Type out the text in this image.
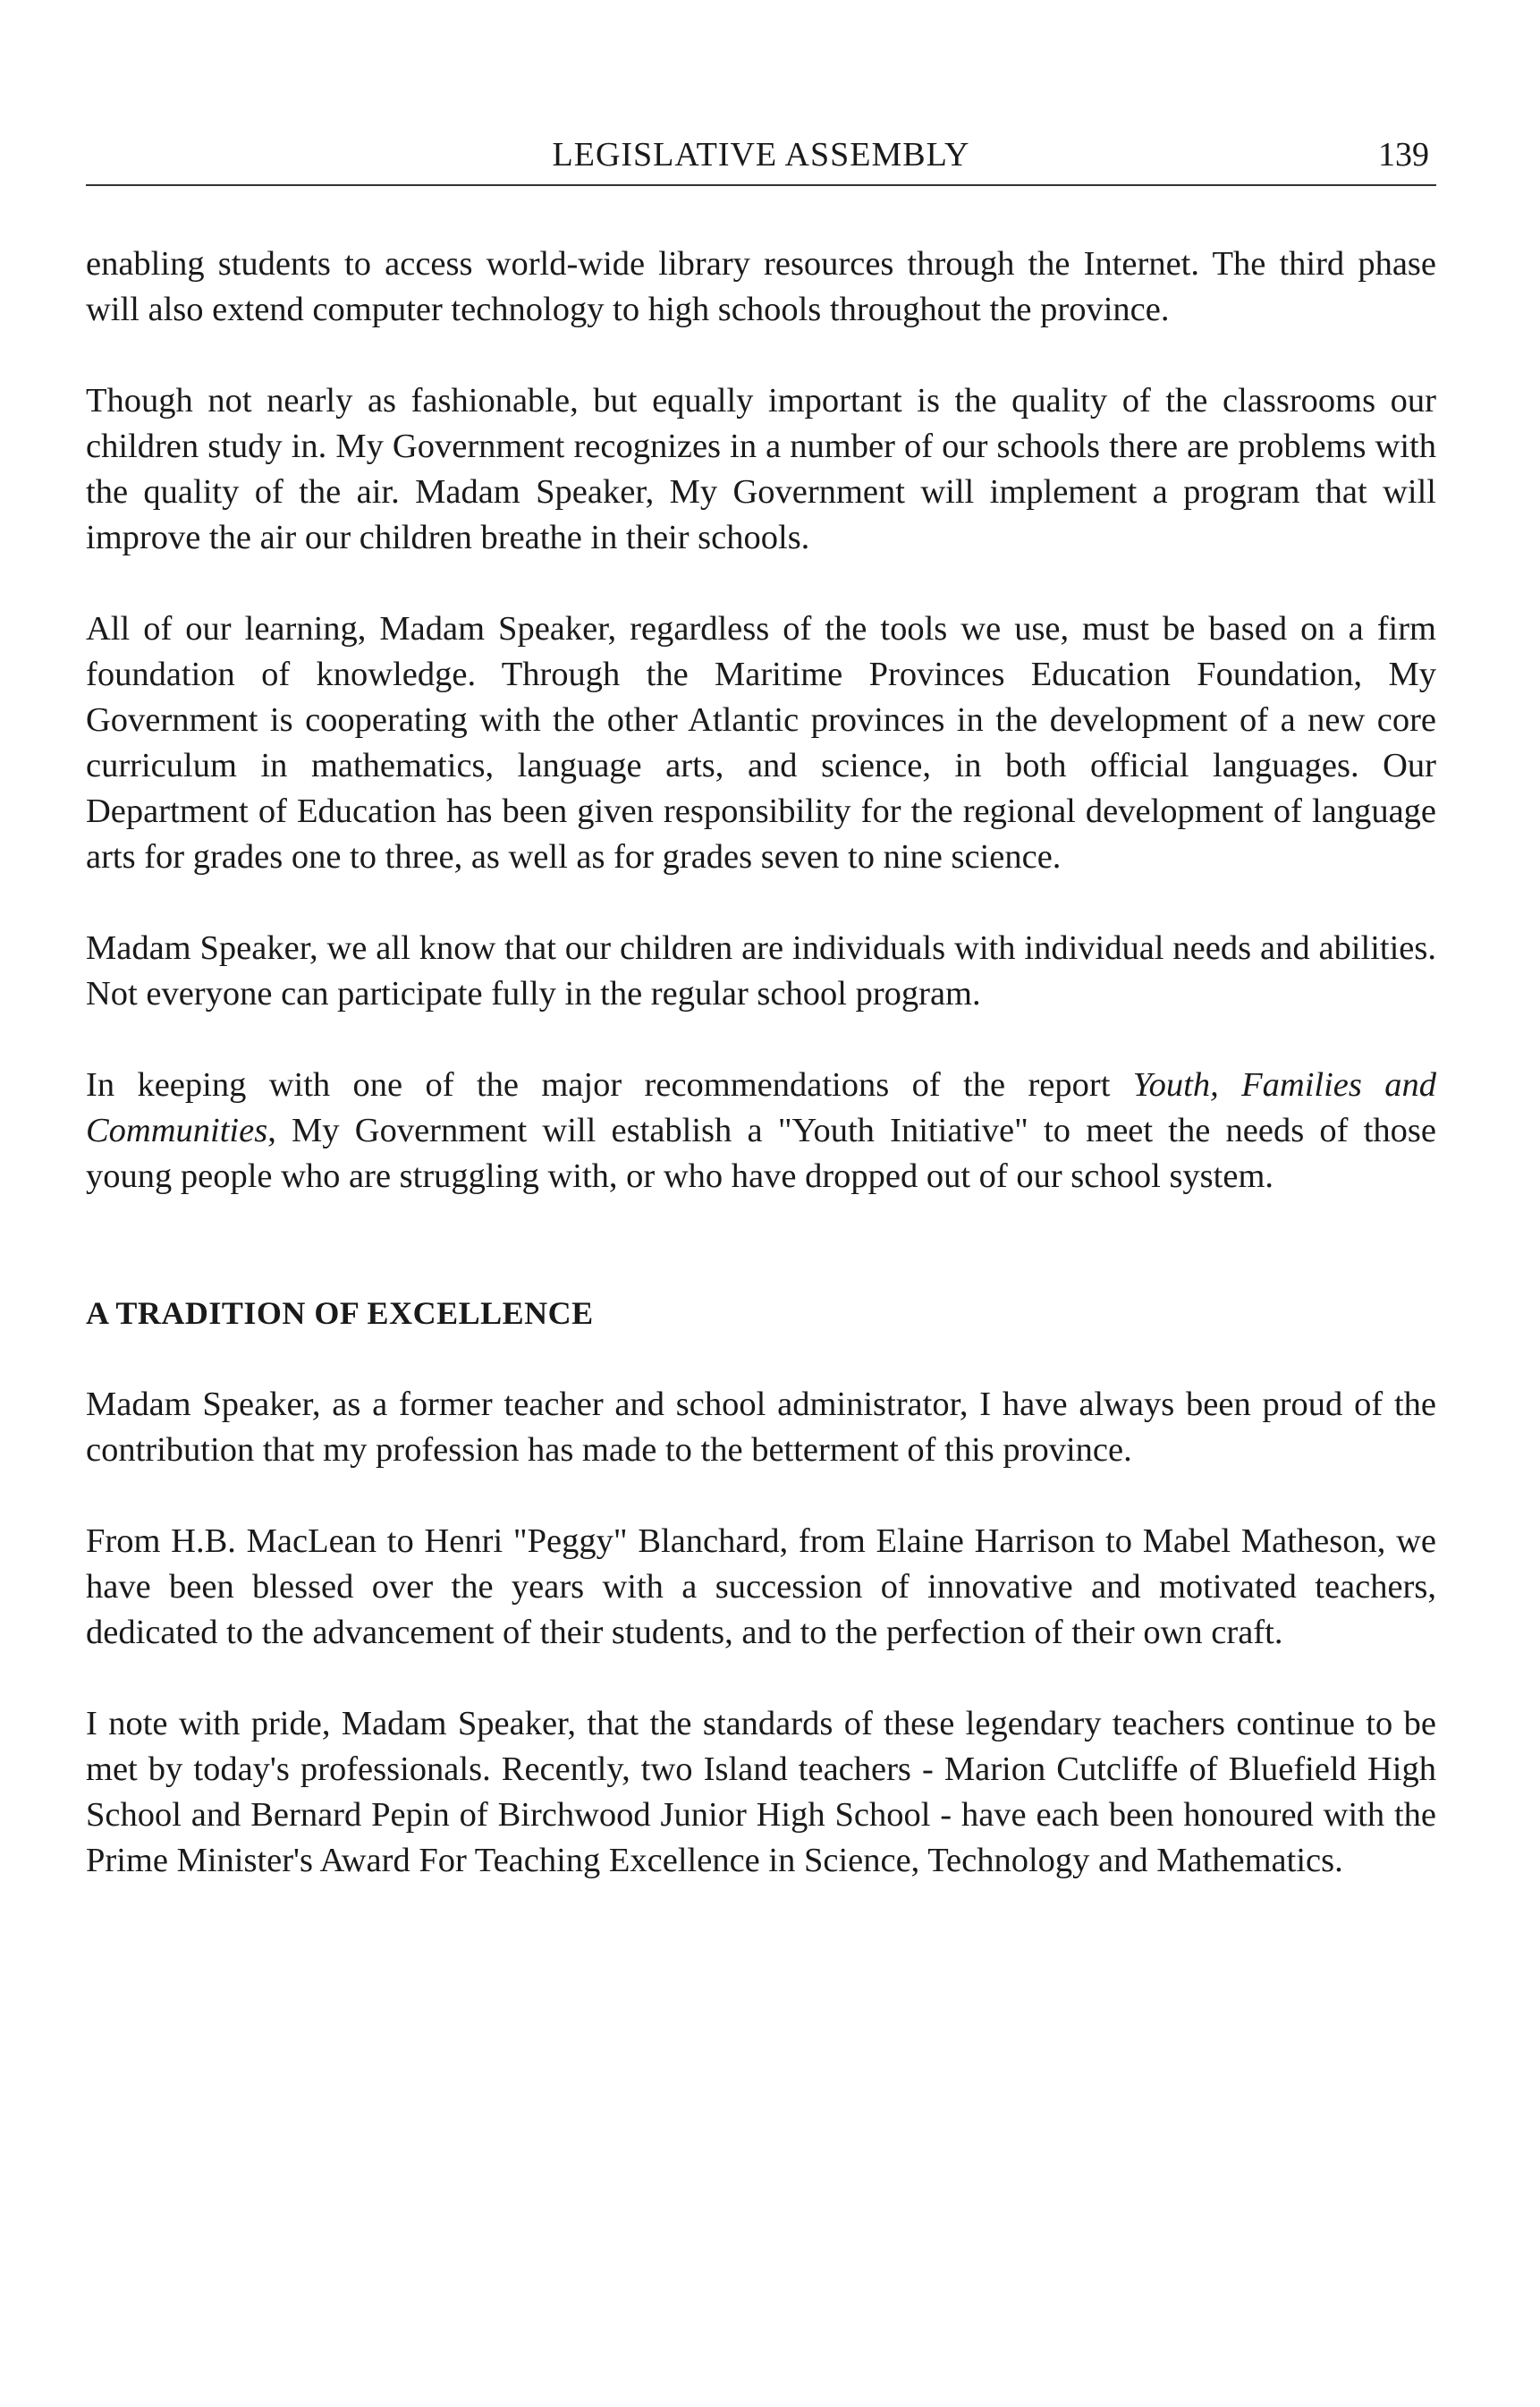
LEGISLATIVE ASSEMBLY	139

enabling students to access world-wide library resources through the Internet. The third phase will also extend computer technology to high schools throughout the province.

Though not nearly as fashionable, but equally important is the quality of the classrooms our children study in. My Government recognizes in a number of our schools there are problems with the quality of the air. Madam Speaker, My Government will implement a program that will improve the air our children breathe in their schools.

All of our learning, Madam Speaker, regardless of the tools we use, must be based on a firm foundation of knowledge. Through the Maritime Provinces Education Foundation, My Government is cooperating with the other Atlantic provinces in the development of a new core curriculum in mathematics, language arts, and science, in both official languages. Our Department of Education has been given responsibility for the regional development of language arts for grades one to three, as well as for grades seven to nine science.

Madam Speaker, we all know that our children are individuals with individual needs and abilities. Not everyone can participate fully in the regular school program.

In keeping with one of the major recommendations of the report Youth, Families and Communities, My Government will establish a "Youth Initiative" to meet the needs of those young people who are struggling with, or who have dropped out of our school system.

A TRADITION OF EXCELLENCE

Madam Speaker, as a former teacher and school administrator, I have always been proud of the contribution that my profession has made to the betterment of this province.

From H.B. MacLean to Henri "Peggy" Blanchard, from Elaine Harrison to Mabel Matheson, we have been blessed over the years with a succession of innovative and motivated teachers, dedicated to the advancement of their students, and to the perfection of their own craft.

I note with pride, Madam Speaker, that the standards of these legendary teachers continue to be met by today's professionals. Recently, two Island teachers - Marion Cutcliffe of Bluefield High School and Bernard Pepin of Birchwood Junior High School - have each been honoured with the Prime Minister's Award For Teaching Excellence in Science, Technology and Mathematics.
